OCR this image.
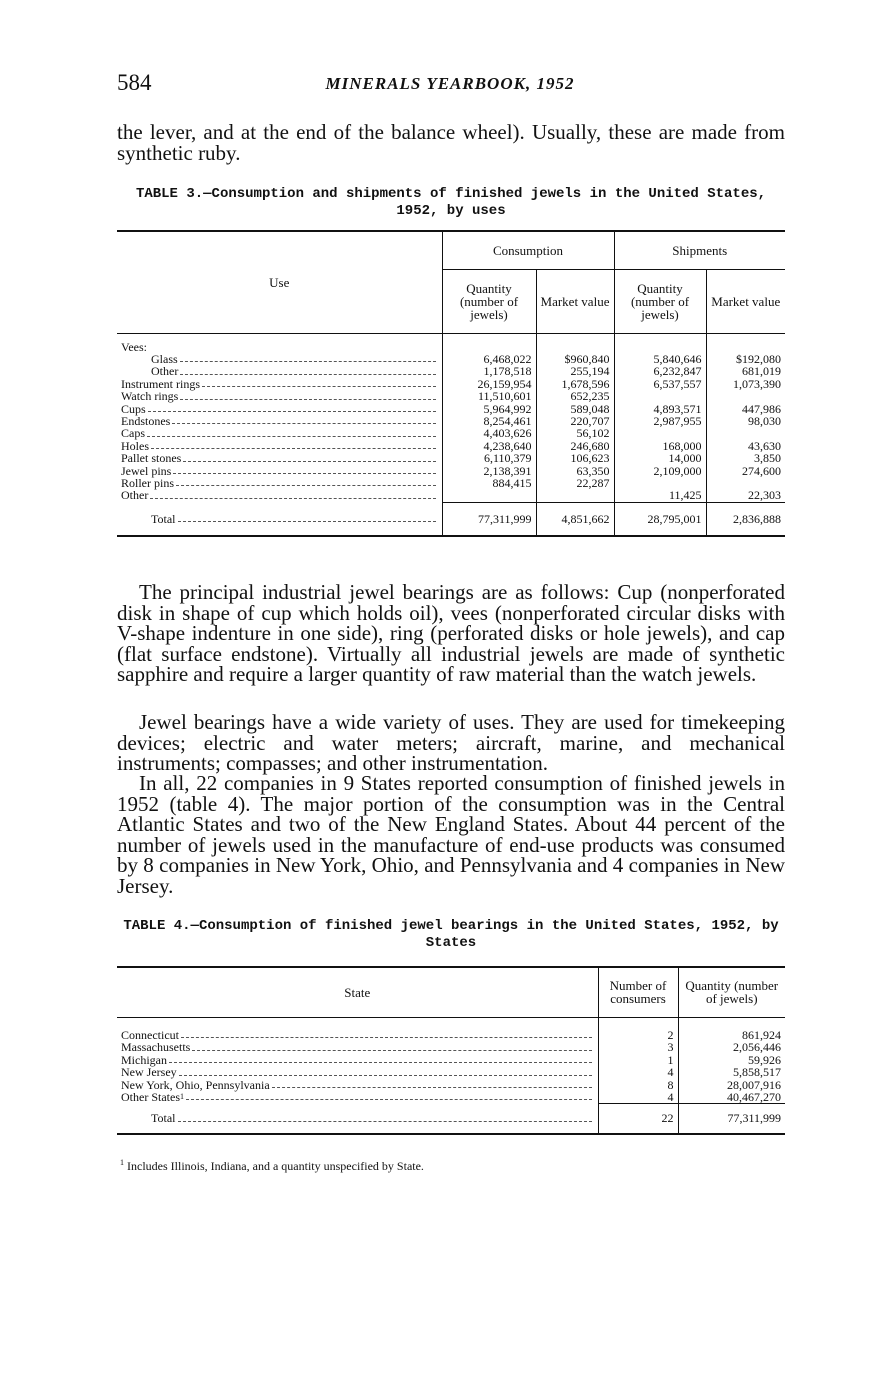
584	MINERALS YEARBOOK, 1952

the lever, and at the end of the balance wheel). Usually, these are made from synthetic ruby.

TABLE 3.—Consumption and shipments of finished jewels in the United States, 1952, by uses

Use	Consumption		Shipments	
	Quantity (number of jewels)	Market value	Quantity (number of jewels)	Market value
Vees:				

Glass	6,468,022	$960,840	5,840,646	$192,080

Other	1,178,518	255,194	6,232,847	681,019

Instrument rings	26,159,954	1,678,596	6,537,557	1,073,390

Watch rings	11,510,601	652,235		

Cups	5,964,992	589,048	4,893,571	447,986

Endstones	8,254,461	220,707	2,987,955	98,030

Caps	4,403,626	56,102		

Holes	4,238,640	246,680	168,000	43,630

Pallet stones	6,110,379	106,623	14,000	3,850

Jewel pins	2,138,391	63,350	2,109,000	274,600

Roller pins	884,415	22,287		

Other			11,425	22,303

Total	77,311,999	4,851,662	28,795,001	2,836,888

The principal industrial jewel bearings are as follows: Cup (nonperforated disk in shape of cup which holds oil), vees (nonperforated circular disks with V-shape indenture in one side), ring (perforated disks or hole jewels), and cap (flat surface endstone). Virtually all industrial jewels are made of synthetic sapphire and require a larger quantity of raw material than the watch jewels.

Jewel bearings have a wide variety of uses. They are used for timekeeping devices; electric and water meters; aircraft, marine, and mechanical instruments; compasses; and other instrumentation.

In all, 22 companies in 9 States reported consumption of finished jewels in 1952 (table 4). The major portion of the consumption was in the Central Atlantic States and two of the New England States. About 44 percent of the number of jewels used in the manufacture of end-use products was consumed by 8 companies in New York, Ohio, and Pennsylvania and 4 companies in New Jersey.

TABLE 4.—Consumption of finished jewel bearings in the United States, 1952, by States

State	Number of consumers	Quantity (number of jewels)

Connecticut	2	861,924

Massachusetts	3	2,056,446

Michigan	1	59,926

New Jersey	4	5,858,517

New York, Ohio, Pennsylvania	8	28,007,916

Other States 1	4	40,467,270

Total	22	77,311,999
$^1$ Includes Illinois, Indiana, and a quantity unspecified by State.
